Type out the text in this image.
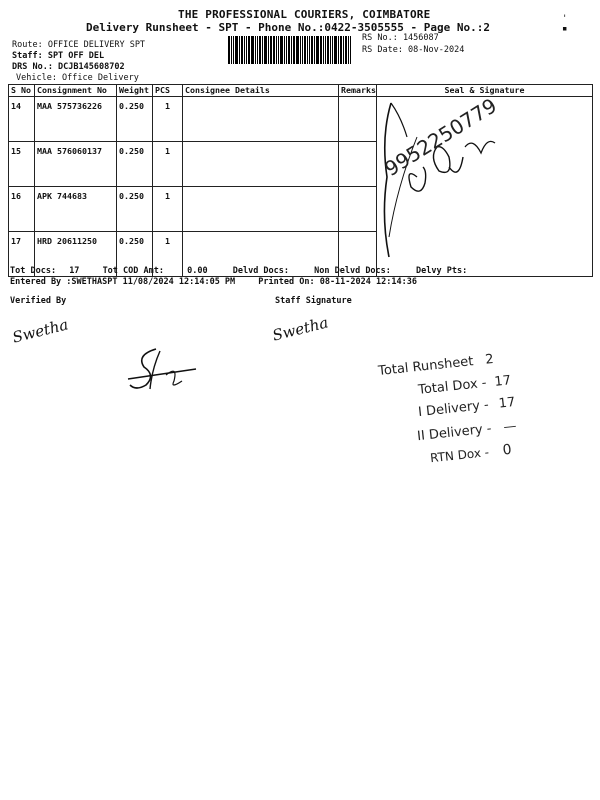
THE PROFESSIONAL COURIERS, COIMBATORE
Delivery Runsheet - SPT - Phone No.:0422-3505555 - Page No.:2
'
▪
Route: OFFICE DELIVERY SPT
Staff: SPT OFF DEL
DRS No.: DCJB145608702
Vehicle: Office Delivery
RS No.: 1456087
RS Date: 08-Nov-2024
S No	Consignment No	Weight	PCS	Consignee Details	Remarks	Seal & Signature
14	MAA 575736226	0.250	1			9952250779

15	MAA 576060137	0.250	1			
16	APK 744683	0.250	1			
17	HRD 20611250	0.250	1			
Tot Docs: 17	Tot COD Amt:	0.00	Delvd Docs:	Non Delvd Docs:	Delvy Pts:
Entered By :SWETHASPT 11/08/2024 12:14:05 PM	Printed On: 08-11-2024 12:14:36
Verified By	Staff Signature
Swetha	Swetha
Total Runsheet 2
Total Dox - 17
I Delivery - 17
II Delivery - —
RTN Dox - 0
